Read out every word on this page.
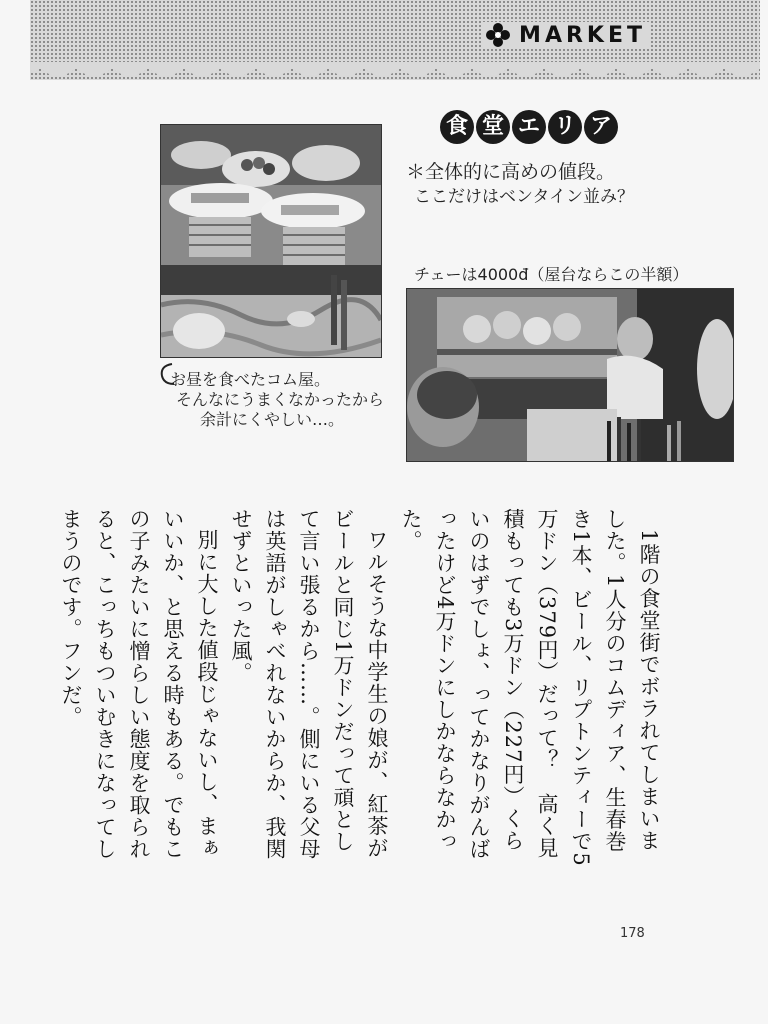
MARKET
食 堂 エ リ ア
＊全体的に高めの値段。
ここだけはベンタイン並み？
チェーは4000đ（屋台ならこの半額）
お昼を食べたコム屋。
そんなにうまくなかったから
余計にくやしい…。

1階の食堂街でボラれてしまいました。1人分のコムディア、生春巻き1本、ビール、リプトンティーで5万ドン（379円）だって？　高く見積もっても3万ドン（227円）くらいのはずでしょ、ってかなりがんばったけど4万ドンにしかならなかった。

ワルそうな中学生の娘が、紅茶がビールと同じ1万ドンだって頑として言い張るから……。側にいる父母は英語がしゃべれないからか、我関せずといった風。

別に大した値段じゃないし、まぁいいか、と思える時もある。でもこの子みたいに憎らしい態度を取られると、こっちもついむきになってしまうのです。フンだ。

178
